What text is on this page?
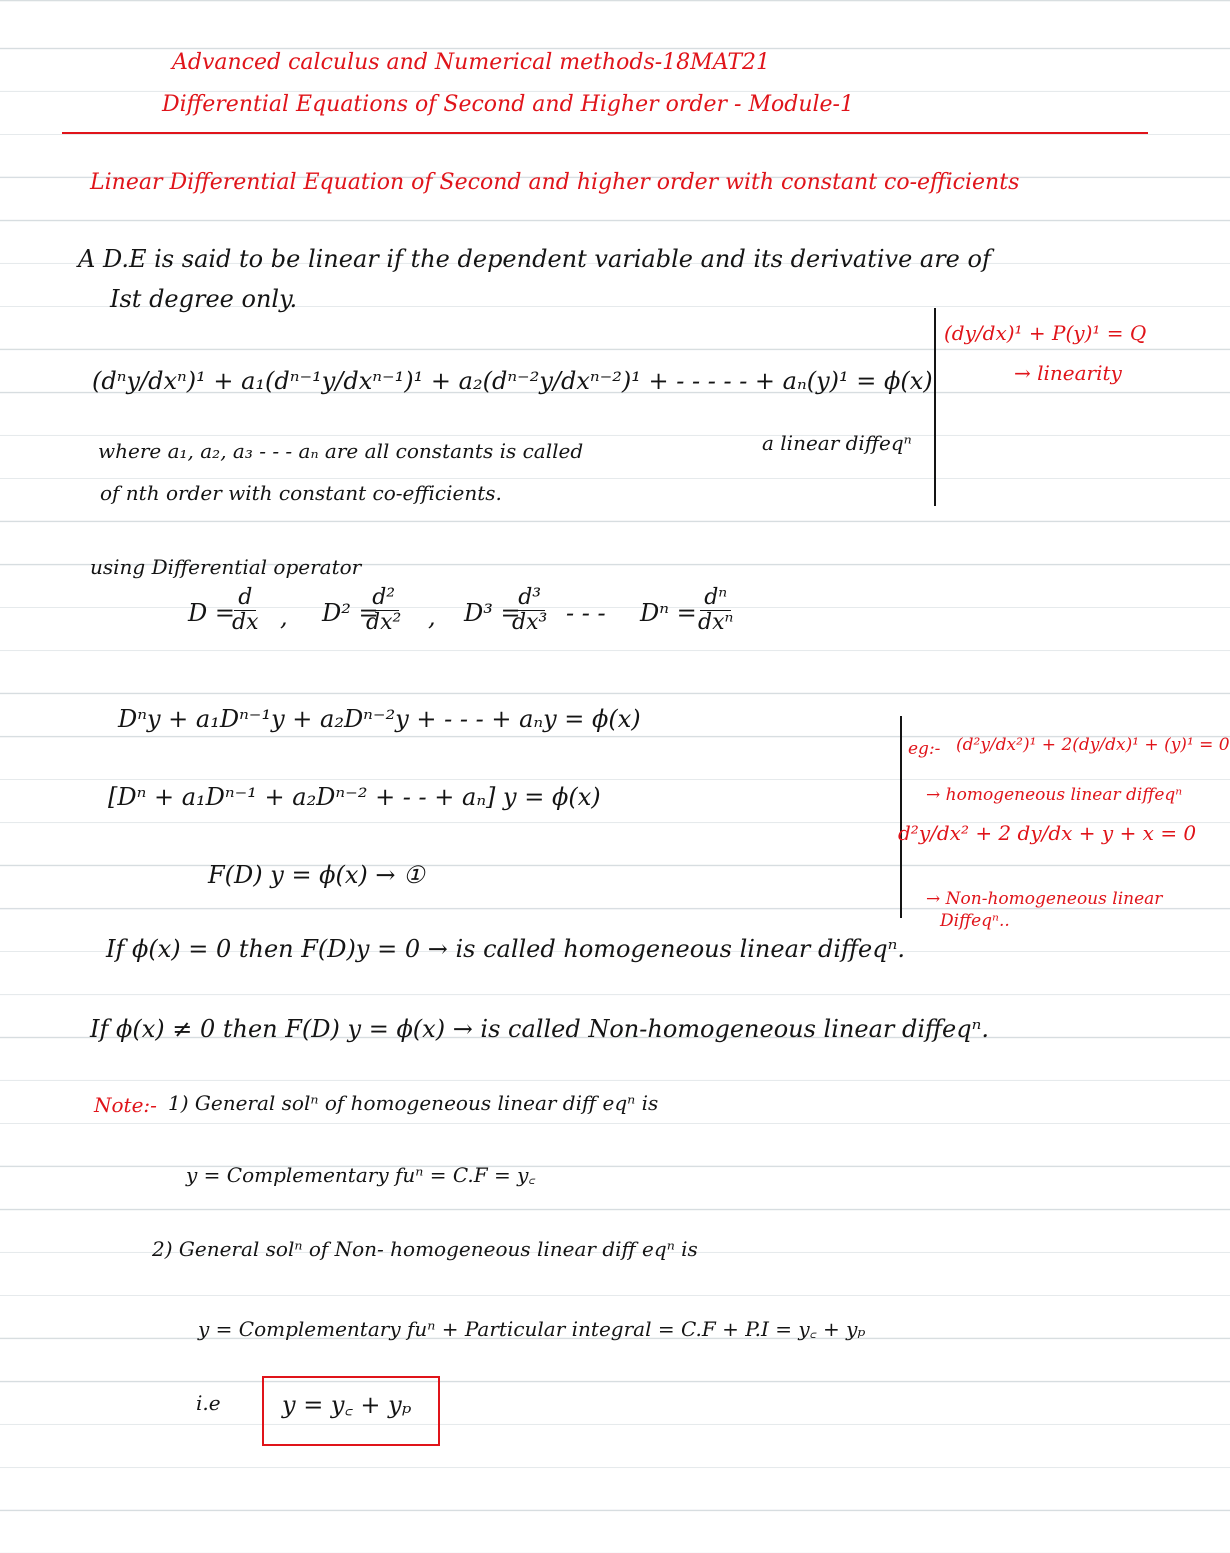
Advanced calculus and Numerical methods-18MAT21
Differential Equations of Second and Higher order - Module-1
Linear Differential Equation of Second and higher order with constant co-efficients
A D.E is said to be linear if the dependent variable and its derivative are of
Ist degree only.
(dⁿy/dxⁿ)¹ + a₁(dⁿ⁻¹y/dxⁿ⁻¹)¹ + a₂(dⁿ⁻²y/dxⁿ⁻²)¹ + - - - - - + aₙ(y)¹ = ϕ(x)
where a₁, a₂, a₃ - - - aₙ are all constants is called	a linear diffeqⁿ
of nth order with constant co-efficients.
(dy/dx)¹ + P(y)¹ = Q
→ linearity
using Differential operator
D =
$\frac{d}{dx}$ , D² =
$\frac{\text{d²}}{\text{dx²}}$ , D³ =
$\frac{\text{d³}}{\text{dx³}}$ - - - Dⁿ =
dⁿ
dxⁿ
Dⁿy + a₁Dⁿ⁻¹y + a₂Dⁿ⁻²y + - - - + aₙy = ϕ(x)
[Dⁿ + a₁Dⁿ⁻¹ + a₂Dⁿ⁻² + - - + aₙ] y = ϕ(x)
F(D) y = ϕ(x) → ①
eg:- (d²y/dx²)¹ + 2(dy/dx)¹ + (y)¹ = 0
→ homogeneous linear diffeqⁿ
d²y/dx² + 2 dy/dx + y + x = 0
→ Non-homogeneous linear
Diffeqⁿ..
If ϕ(x) = 0 then F(D)y = 0 → is called homogeneous linear diffeqⁿ.
If ϕ(x) ≠ 0 then F(D) y = ϕ(x) → is called Non-homogeneous linear diffeqⁿ.
Note:- 1) General solⁿ of homogeneous linear diff eqⁿ is
y = Complementary fuⁿ = C.F = y꜀
2) General solⁿ of Non- homogeneous linear diff eqⁿ is
y = Complementary fuⁿ + Particular integral = C.F + P.I = y꜀ + yₚ
i.e	y = y꜀ + yₚ
